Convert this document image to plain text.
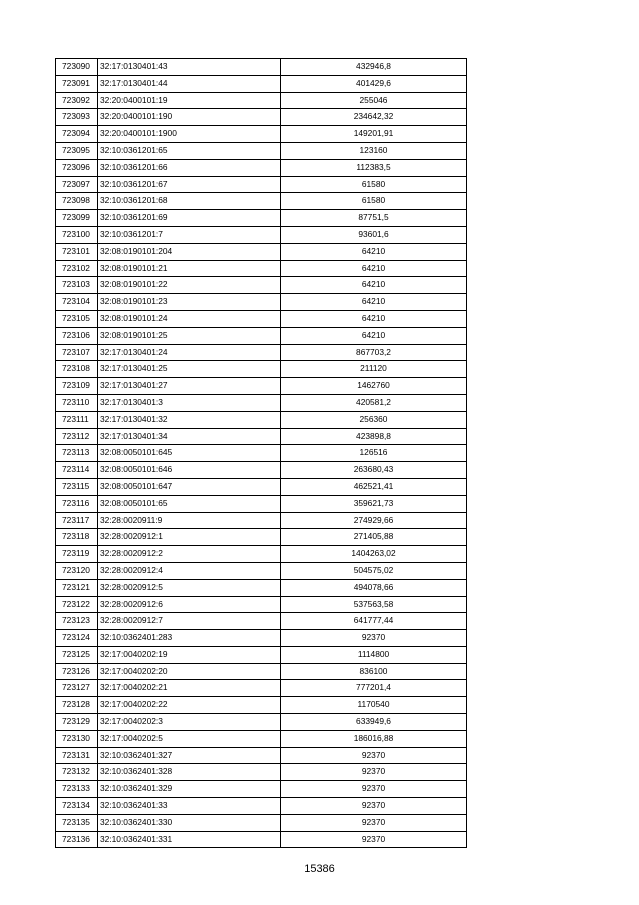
723090	32:17:0130401:43	432946,8
723091	32:17:0130401:44	401429,6
723092	32:20:0400101:19	255046
723093	32:20:0400101:190	234642,32
723094	32:20:0400101:1900	149201,91
723095	32:10:0361201:65	123160
723096	32:10:0361201:66	112383,5
723097	32:10:0361201:67	61580
723098	32:10:0361201:68	61580
723099	32:10:0361201:69	87751,5
723100	32:10:0361201:7	93601,6
723101	32:08:0190101:204	64210
723102	32:08:0190101:21	64210
723103	32:08:0190101:22	64210
723104	32:08:0190101:23	64210
723105	32:08:0190101:24	64210
723106	32:08:0190101:25	64210
723107	32:17:0130401:24	867703,2
723108	32:17:0130401:25	211120
723109	32:17:0130401:27	1462760
723110	32:17:0130401:3	420581,2
723111	32:17:0130401:32	256360
723112	32:17:0130401:34	423898,8
723113	32:08:0050101:645	126516
723114	32:08:0050101:646	263680,43
723115	32:08:0050101:647	462521,41
723116	32:08:0050101:65	359621,73
723117	32:28:0020911:9	274929,66
723118	32:28:0020912:1	271405,88
723119	32:28:0020912:2	1404263,02
723120	32:28:0020912:4	504575,02
723121	32:28:0020912:5	494078,66
723122	32:28:0020912:6	537563,58
723123	32:28:0020912:7	641777,44
723124	32:10:0362401:283	92370
723125	32:17:0040202:19	1114800
723126	32:17:0040202:20	836100
723127	32:17:0040202:21	777201,4
723128	32:17:0040202:22	1170540
723129	32:17:0040202:3	633949,6
723130	32:17:0040202:5	186016,88
723131	32:10:0362401:327	92370
723132	32:10:0362401:328	92370
723133	32:10:0362401:329	92370
723134	32:10:0362401:33	92370
723135	32:10:0362401:330	92370
723136	32:10:0362401:331	92370
15386
